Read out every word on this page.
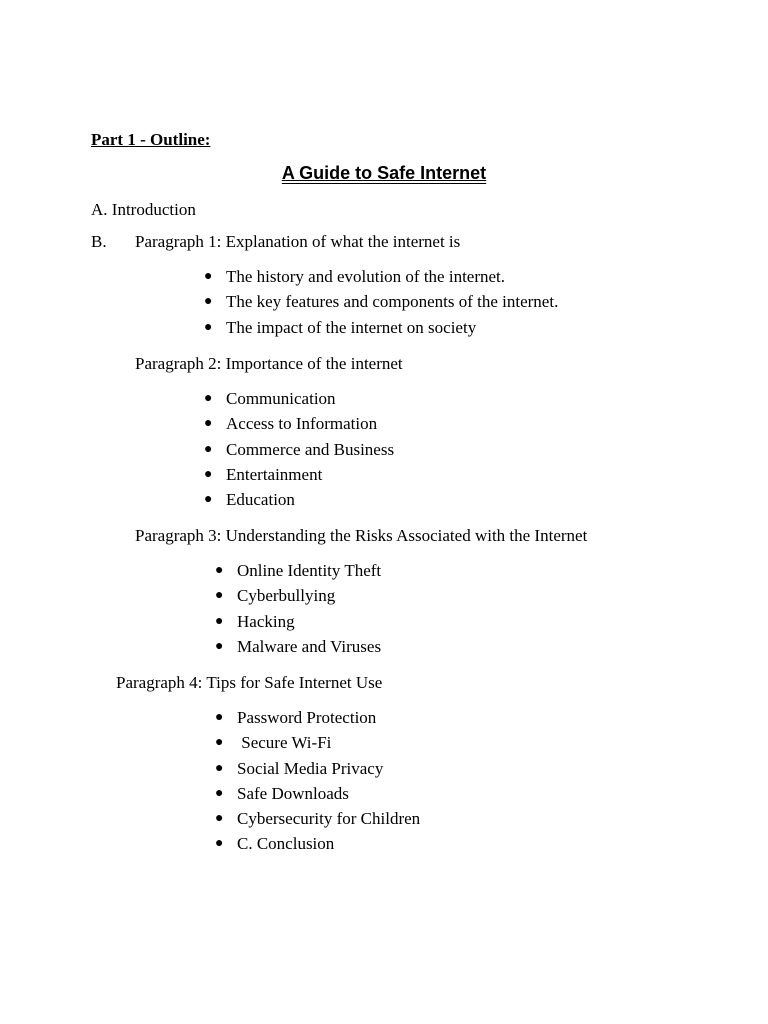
Part 1 - Outline:
A Guide to Safe Internet
A. Introduction
B. Paragraph 1: Explanation of what the internet is
● The history and evolution of the internet.
● The key features and components of the internet.
● The impact of the internet on society
Paragraph 2: Importance of the internet
● Communication
● Access to Information
● Commerce and Business
● Entertainment
● Education
Paragraph 3: Understanding the Risks Associated with the Internet
● Online Identity Theft
● Cyberbullying
● Hacking
● Malware and Viruses
Paragraph 4: Tips for Safe Internet Use
● Password Protection
● Secure Wi-Fi
● Social Media Privacy
● Safe Downloads
● Cybersecurity for Children
● C. Conclusion
